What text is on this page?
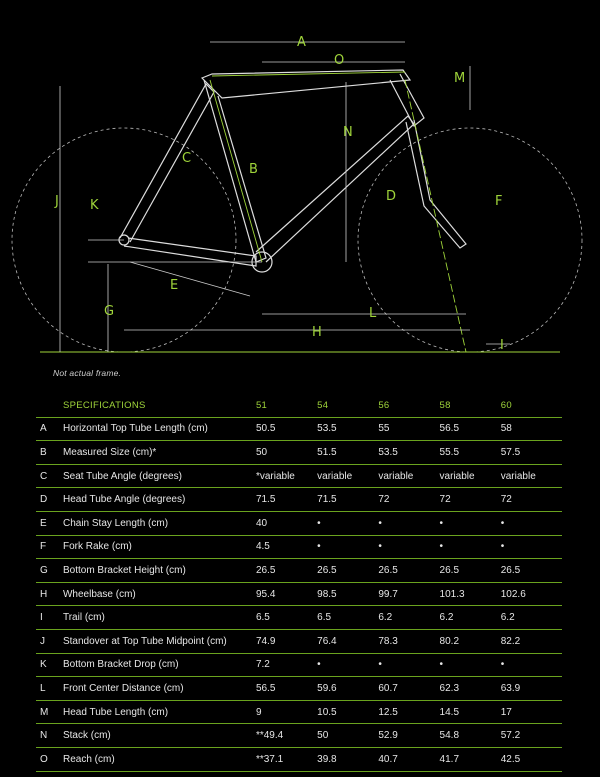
A
O
M
N
C
B
J K
D	F
E
G	L
H
I
Not actual frame.
	SPECIFICATIONS	51	54	56	58	60
A	Horizontal Top Tube Length (cm)	50.5	53.5	55	56.5	58
B	Measured Size (cm)*	50	51.5	53.5	55.5	57.5
C	Seat Tube Angle (degrees)	*variable	variable	variable	variable	variable
D	Head Tube Angle (degrees)	71.5	71.5	72	72	72
E	Chain Stay Length (cm)	40	•	•	•	•
F	Fork Rake (cm)	4.5	•	•	•	•
G	Bottom Bracket Height (cm)	26.5	26.5	26.5	26.5	26.5
H	Wheelbase (cm)	95.4	98.5	99.7	101.3	102.6
I	Trail (cm)	6.5	6.5	6.2	6.2	6.2
J	Standover at Top Tube Midpoint (cm)	74.9	76.4	78.3	80.2	82.2
K	Bottom Bracket Drop (cm)	7.2	•	•	•	•
L	Front Center Distance (cm)	56.5	59.6	60.7	62.3	63.9
M	Head Tube Length (cm)	9	10.5	12.5	14.5	17
N	Stack (cm)	**49.4	50	52.9	54.8	57.2
O	Reach (cm)	**37.1	39.8	40.7	41.7	42.5
